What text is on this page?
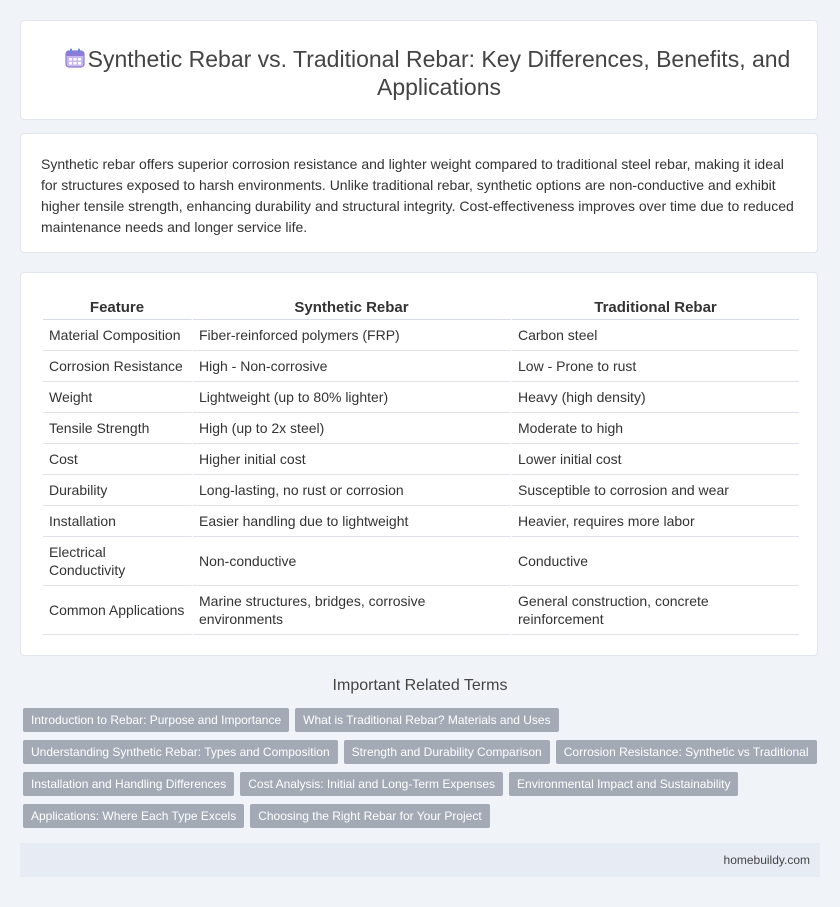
Synthetic Rebar vs. Traditional Rebar: Key Differences, Benefits, and Applications

Synthetic rebar offers superior corrosion resistance and lighter weight compared to traditional steel rebar, making it ideal for structures exposed to harsh environments. Unlike traditional rebar, synthetic options are non-conductive and exhibit higher tensile strength, enhancing durability and structural integrity. Cost-effectiveness improves over time due to reduced maintenance needs and longer service life.

Feature	Synthetic Rebar	Traditional Rebar
Material Composition	Fiber-reinforced polymers (FRP)	Carbon steel
Corrosion Resistance	High - Non-corrosive	Low - Prone to rust
Weight	Lightweight (up to 80% lighter)	Heavy (high density)
Tensile Strength	High (up to 2x steel)	Moderate to high
Cost	Higher initial cost	Lower initial cost
Durability	Long-lasting, no rust or corrosion	Susceptible to corrosion and wear
Installation	Easier handling due to lightweight	Heavier, requires more labor
Electrical Conductivity	Non-conductive	Conductive
Common Applications	Marine structures, bridges, corrosive environments	General construction, concrete reinforcement
Important Related Terms
Introduction to Rebar: Purpose and Importance What is Traditional Rebar? Materials and Uses
Understanding Synthetic Rebar: Types and Composition Strength and Durability Comparison Corrosion Resistance: Synthetic vs Traditional
Installation and Handling Differences Cost Analysis: Initial and Long-Term Expenses Environmental Impact and Sustainability
Applications: Where Each Type Excels Choosing the Right Rebar for Your Project
homebuildy.com
